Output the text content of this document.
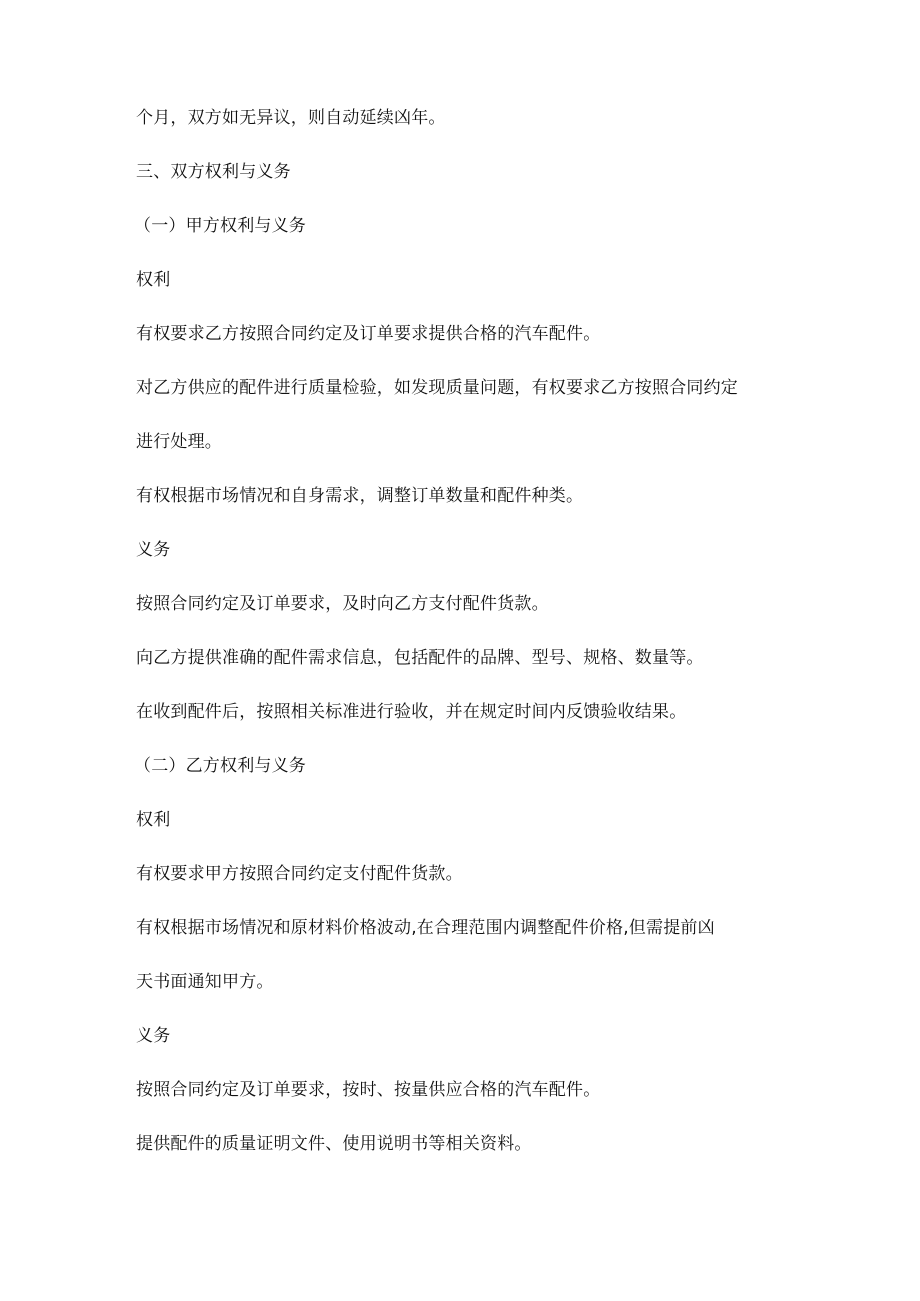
个月，双方如无异议，则自动延续凶年。
三、双方权利与义务
（一）甲方权利与义务
权利
有权要求乙方按照合同约定及订单要求提供合格的汽车配件。
对乙方供应的配件进行质量检验，如发现质量问题，有权要求乙方按照合同约定
进行处理。
有权根据市场情况和自身需求，调整订单数量和配件种类。
义务
按照合同约定及订单要求，及时向乙方支付配件货款。
向乙方提供准确的配件需求信息，包括配件的品牌、型号、规格、数量等。
在收到配件后，按照相关标准进行验收，并在规定时间内反馈验收结果。
（二）乙方权利与义务
权利
有权要求甲方按照合同约定支付配件货款。
有权根据市场情况和原材料价格波动,在合理范围内调整配件价格,但需提前凶
天书面通知甲方。
义务
按照合同约定及订单要求，按时、按量供应合格的汽车配件。
提供配件的质量证明文件、使用说明书等相关资料。
